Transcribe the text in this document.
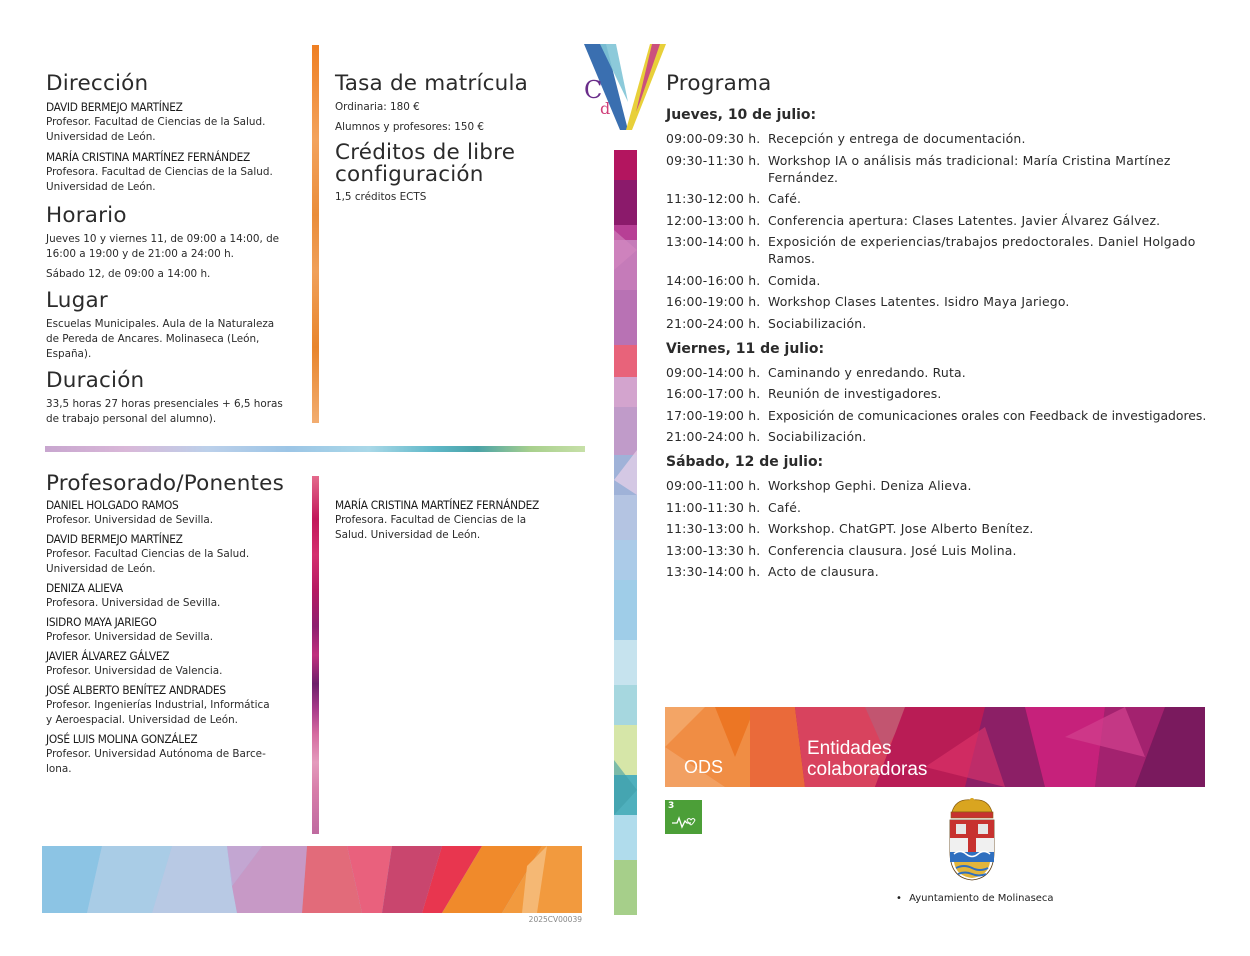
Dirección
DAVID BERMEJO MARTÍNEZ
Profesor. Facultad de Ciencias de la Salud.
Universidad de León.
MARÍA CRISTINA MARTÍNEZ FERNÁNDEZ
Profesora. Facultad de Ciencias de la Salud.
Universidad de León.
Horario
Jueves 10 y viernes 11, de 09:00 a 14:00, de
16:00 a 19:00 y de 21:00 a 24:00 h.
Sábado 12, de 09:00 a 14:00 h.
Lugar
Escuelas Municipales. Aula de la Naturaleza
de Pereda de Ancares. Molinaseca (León,
España).
Duración
33,5 horas 27 horas presenciales + 6,5 horas
de trabajo personal del alumno).
Tasa de matrícula
Ordinaria: 180 €
Alumnos y profesores: 150 €
Créditos de libre
configuración
1,5 créditos ECTS
Profesorado/Ponentes
DANIEL HOLGADO RAMOS
Profesor. Universidad de Sevilla.
DAVID BERMEJO MARTÍNEZ
Profesor. Facultad Ciencias de la Salud.
Universidad de León.
DENIZA ALIEVA
Profesora. Universidad de Sevilla.
ISIDRO MAYA JARIEGO
Profesor. Universidad de Sevilla.
JAVIER ÁLVAREZ GÁLVEZ
Profesor. Universidad de Valencia.
JOSÉ ALBERTO BENÍTEZ ANDRADES
Profesor. Ingenierías Industrial, Informática
y Aeroespacial. Universidad de León.
JOSÉ LUIS MOLINA GONZÁLEZ
Profesor. Universidad Autónoma de Barce-
lona.
MARÍA CRISTINA MARTÍNEZ FERNÁNDEZ
Profesora. Facultad de Ciencias de la
Salud. Universidad de León.
2025CV00039
C
d
Programa
Jueves, 10 de julio:
09:00-09:30 h. Recepción y entrega de documentación.
09:30-11:30 h. Workshop IA o análisis más tradicional: María Cristina Martínez Fernández.
11:30-12:00 h. Café.
12:00-13:00 h. Conferencia apertura: Clases Latentes. Javier Álvarez Gálvez.
13:00-14:00 h. Exposición de experiencias/trabajos predoctorales. Daniel Holgado Ramos.
14:00-16:00 h. Comida.
16:00-19:00 h. Workshop Clases Latentes. Isidro Maya Jariego.
21:00-24:00 h. Sociabilización.
Viernes, 11 de julio:
09:00-14:00 h. Caminando y enredando. Ruta.
16:00-17:00 h. Reunión de investigadores.
17:00-19:00 h. Exposición de comunicaciones orales con Feedback de investigadores.
21:00-24:00 h. Sociabilización.
Sábado, 12 de julio:
09:00-11:00 h. Workshop Gephi. Deniza Alieva.
11:00-11:30 h. Café.
11:30-13:00 h. Workshop. ChatGPT. Jose Alberto Benítez.
13:00-13:30 h. Conferencia clausura. José Luis Molina.
13:30-14:00 h. Acto de clausura.
ODS
Entidades
colaboradoras
3
• Ayuntamiento de Molinaseca
